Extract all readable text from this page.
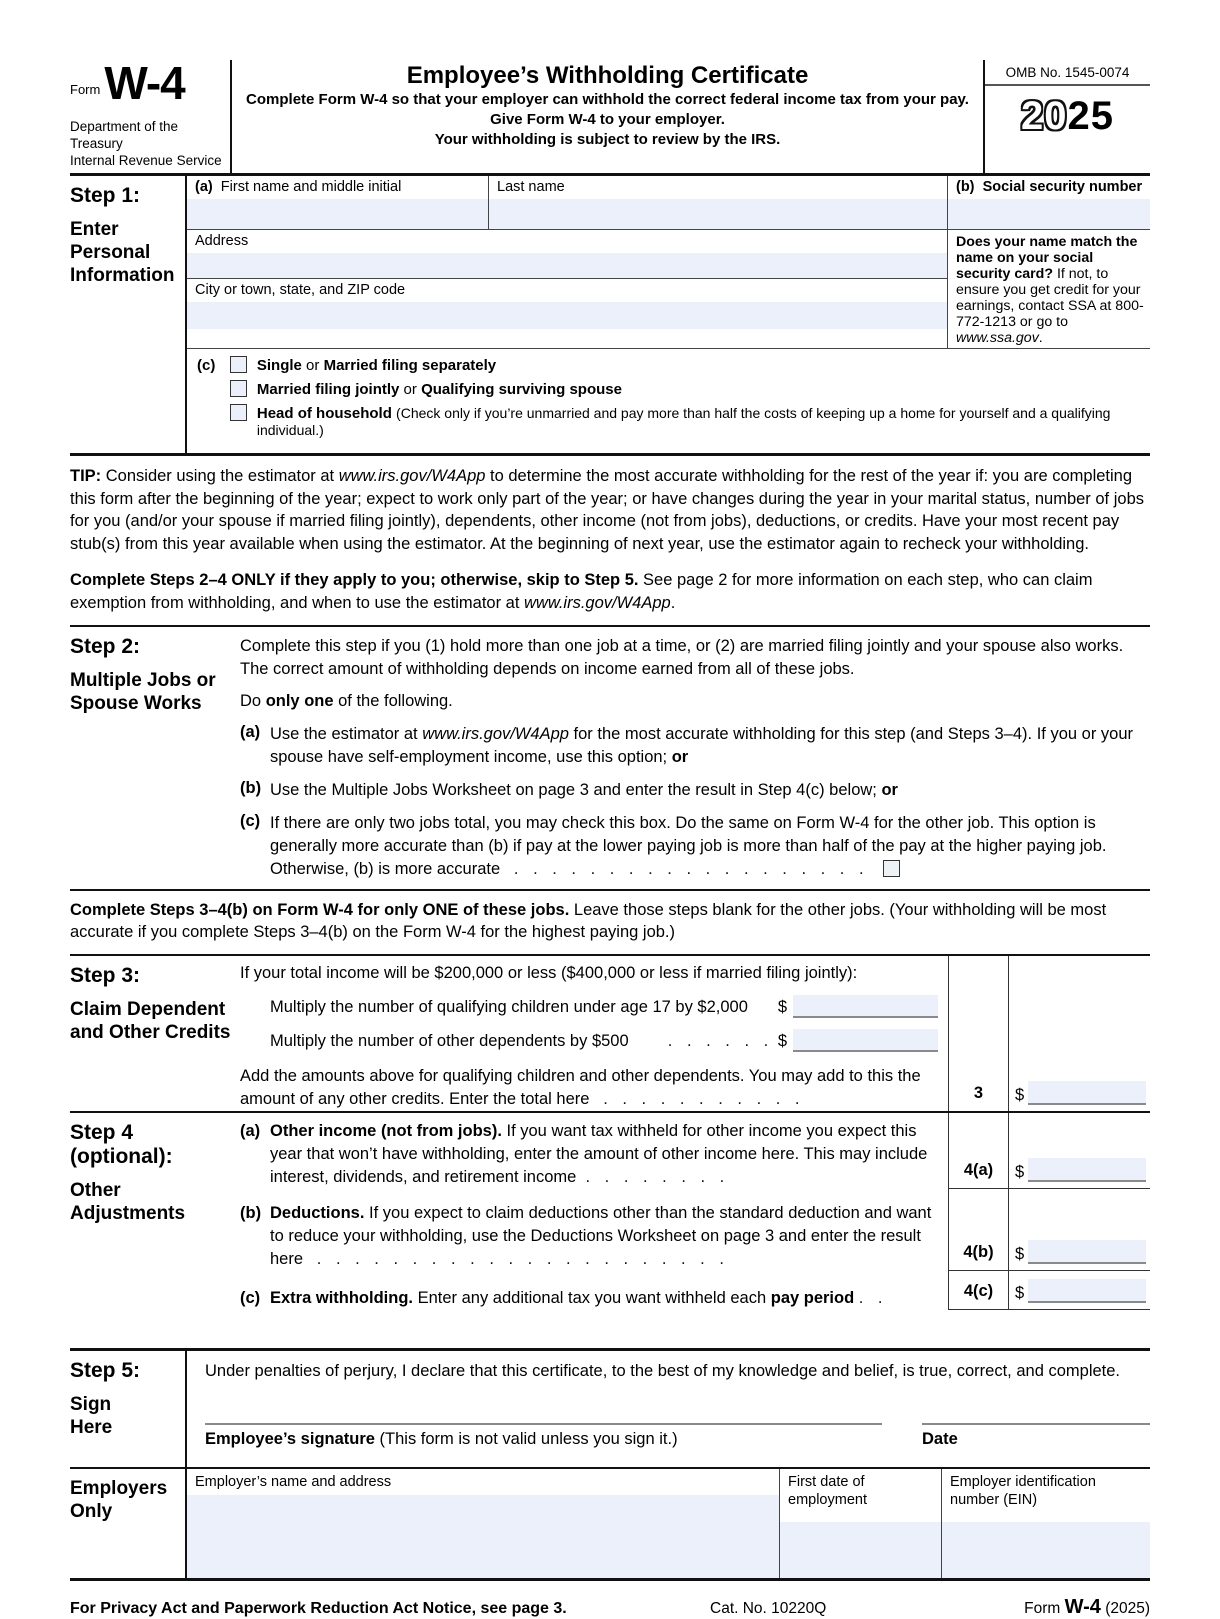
Form W-4
Department of the Treasury
Internal Revenue Service
Employee’s Withholding Certificate
Complete Form W-4 so that your employer can withhold the correct federal income tax from your pay.
Give Form W-4 to your employer.
Your withholding is subject to review by the IRS.
OMB No. 1545-0074
2025
Step 1:
Enter Personal Information
(a) First name and middle initial	Last name	(b) Social security number
Address
City or town, state, and ZIP code
Does your name match the name on your social security card? If not, to ensure you get credit for your earnings, contact SSA at 800-772-1213 or go to www.ssa.gov.
(c)	Single or Married filing separately
Married filing jointly or Qualifying surviving spouse
Head of household (Check only if you’re unmarried and pay more than half the costs of keeping up a home for yourself and a qualifying individual.)
TIP: Consider using the estimator at www.irs.gov/W4App to determine the most accurate withholding for the rest of the year if: you are completing this form after the beginning of the year; expect to work only part of the year; or have changes during the year in your marital status, number of jobs for you (and/or your spouse if married filing jointly), dependents, other income (not from jobs), deductions, or credits. Have your most recent pay stub(s) from this year available when using the estimator. At the beginning of next year, use the estimator again to recheck your withholding.
Complete Steps 2–4 ONLY if they apply to you; otherwise, skip to Step 5. See page 2 for more information on each step, who can claim exemption from withholding, and when to use the estimator at www.irs.gov/W4App.
Step 2:
Multiple Jobs or Spouse Works
Complete this step if you (1) hold more than one job at a time, or (2) are married filing jointly and your spouse also works. The correct amount of withholding depends on income earned from all of these jobs.
Do only one of the following.
(a) Use the estimator at www.irs.gov/W4App for the most accurate withholding for this step (and Steps 3–4). If you or your spouse have self-employment income, use this option; or
(b) Use the Multiple Jobs Worksheet on page 3 and enter the result in Step 4(c) below; or
(c) If there are only two jobs total, you may check this box. Do the same on Form W-4 for the other job. This option is generally more accurate than (b) if pay at the lower paying job is more than half of the pay at the higher paying job. Otherwise, (b) is more accurate . . . . . . . . . . . . . . . . . . .
Complete Steps 3–4(b) on Form W-4 for only ONE of these jobs. Leave those steps blank for the other jobs. (Your withholding will be most accurate if you complete Steps 3–4(b) on the Form W-4 for the highest paying job.)
Step 3:
Claim Dependent and Other Credits
If your total income will be $200,000 or less ($400,000 or less if married filing jointly):
Multiply the number of qualifying children under age 17 by $2,000 $
Multiply the number of other dependents by $500 . . . . . .
$
Add the amounts above for qualifying children and other dependents. You may add to this the amount of any other credits. Enter the total here . . . . . . . . . . .	3	$
Step 4
(optional):
Other Adjustments
(a) Other income (not from jobs). If you want tax withheld for other income you expect this year that won’t have withholding, enter the amount of other income here. This may include interest, dividends, and retirement income . . . . . . . .	4(a)	$
(b) Deductions. If you expect to claim deductions other than the standard deduction and want to reduce your withholding, use the Deductions Worksheet on page 3 and enter the result here . . . . . . . . . . . . . . . . . . . . . .	4(b)	$
(c) Extra withholding. Enter any additional tax you want withheld each pay period . .	4(c)	$
Step 5:
Sign
Here
Under penalties of perjury, I declare that this certificate, to the best of my knowledge and belief, is true, correct, and complete.
Employee’s signature (This form is not valid unless you sign it.)	Date
Employers
Only
Employer’s name and address	First date of employment
Employer identification number (EIN)
For Privacy Act and Paperwork Reduction Act Notice, see page 3.	Cat. No. 10220Q	Form W-4 (2025)
